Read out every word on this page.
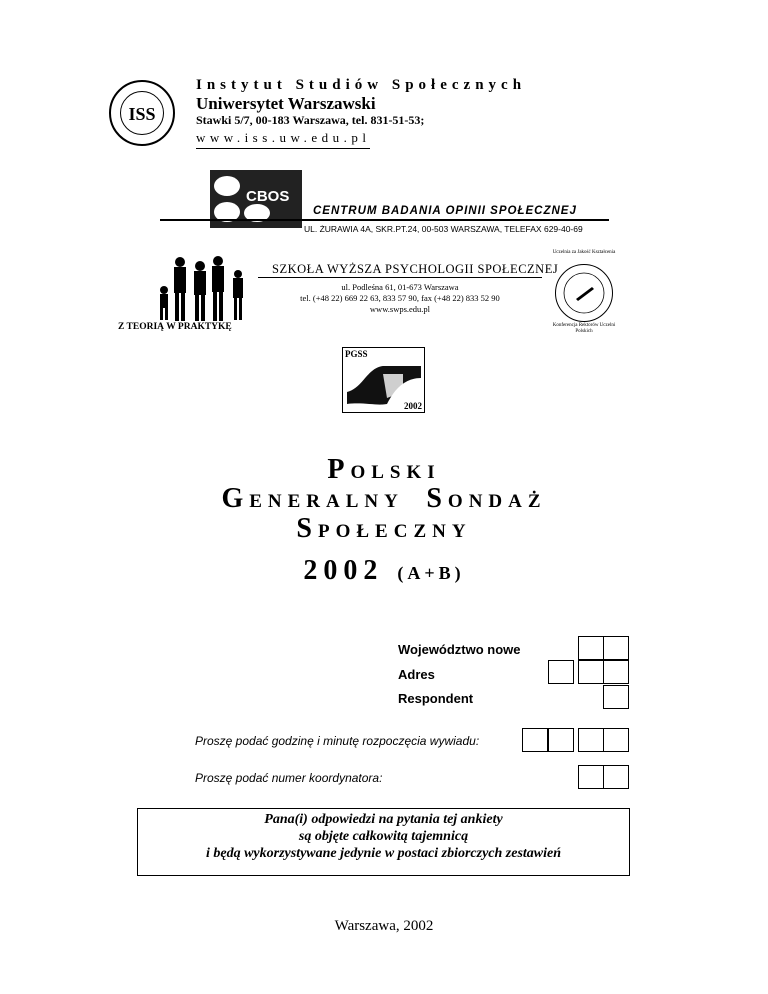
ISS
Instytut Studiów Społecznych
Uniwersytet Warszawski
Stawki 5/7, 00-183 Warszawa, tel. 831-51-53;
www.iss.uw.edu.pl
CBOS
CENTRUM BADANIA OPINII SPOŁECZNEJ
UL. ŻURAWIA 4A, SKR.PT.24, 00-503 WARSZAWA, TELEFAX 629-40-69
Z TEORIĄ W PRAKTYKĘ
SZKOŁA WYŻSZA PSYCHOLOGII SPOŁECZNEJ
ul. Podleśna 61, 01-673 Warszawa
tel. (+48 22) 669 22 63, 833 57 90, fax (+48 22) 833 52 90
www.swps.edu.pl
Uczelnia za Jakość Kształcenia
Konferencja Rektorów Uczelni Polskich
PGSS
2002
POLSKI
GENERALNY SONDAŻ
SPOŁECZNY
2002 (A+B)
Województwo nowe
Adres
Respondent
Proszę podać godzinę i minutę rozpoczęcia wywiadu:
Proszę podać numer koordynatora:
Pana(i) odpowiedzi na pytania tej ankiety
są objęte całkowitą tajemnicą
i będą wykorzystywane jedynie w postaci zbiorczych zestawień
Warszawa, 2002
